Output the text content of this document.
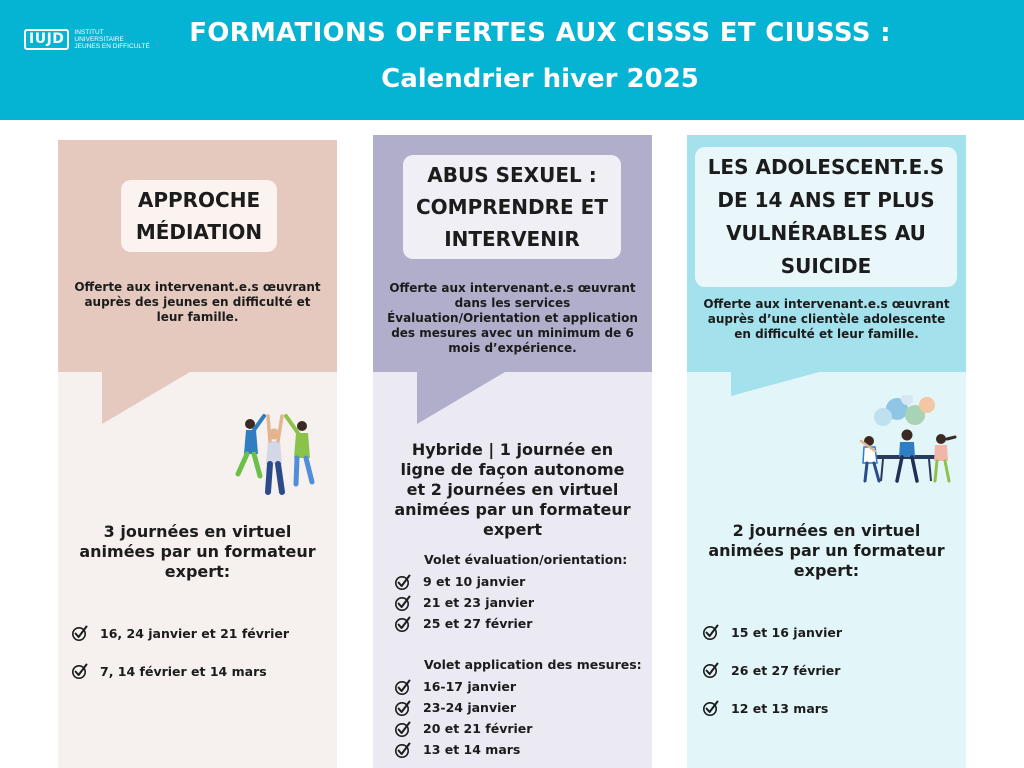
IUJD	INSTITUT
UNIVERSITAIRE
JEUNES EN DIFFICULTÉ	FORMATIONS OFFERTES AUX CISSS ET CIUSSS :
Calendrier hiver 2025
APPROCHE MÉDIATION
Offerte aux intervenant.e.s œuvrant auprès des jeunes en difficulté et leur famille.
3 journées en virtuel animées par un formateur expert:
16, 24 janvier et 21 février
7, 14 février et 14 mars
ABUS SEXUEL : COMPRENDRE ET INTERVENIR
Offerte aux intervenant.e.s œuvrant dans les services Évaluation/Orientation et application des mesures avec un minimum de 6 mois d’expérience.
Hybride | 1 journée en ligne de façon autonome et 2 journées en virtuel animées par un formateur expert
Volet évaluation/orientation:
9 et 10 janvier
21 et 23 janvier
25 et 27 février
Volet application des mesures:
16-17 janvier
23-24 janvier
20 et 21 février
13 et 14 mars
LES ADOLESCENT.E.S DE 14 ANS ET PLUS VULNÉRABLES AU SUICIDE
Offerte aux intervenant.e.s œuvrant auprès d’une clientèle adolescente en difficulté et leur famille.
2 journées en virtuel animées par un formateur expert:
15 et 16 janvier
26 et 27 février
12 et 13 mars
